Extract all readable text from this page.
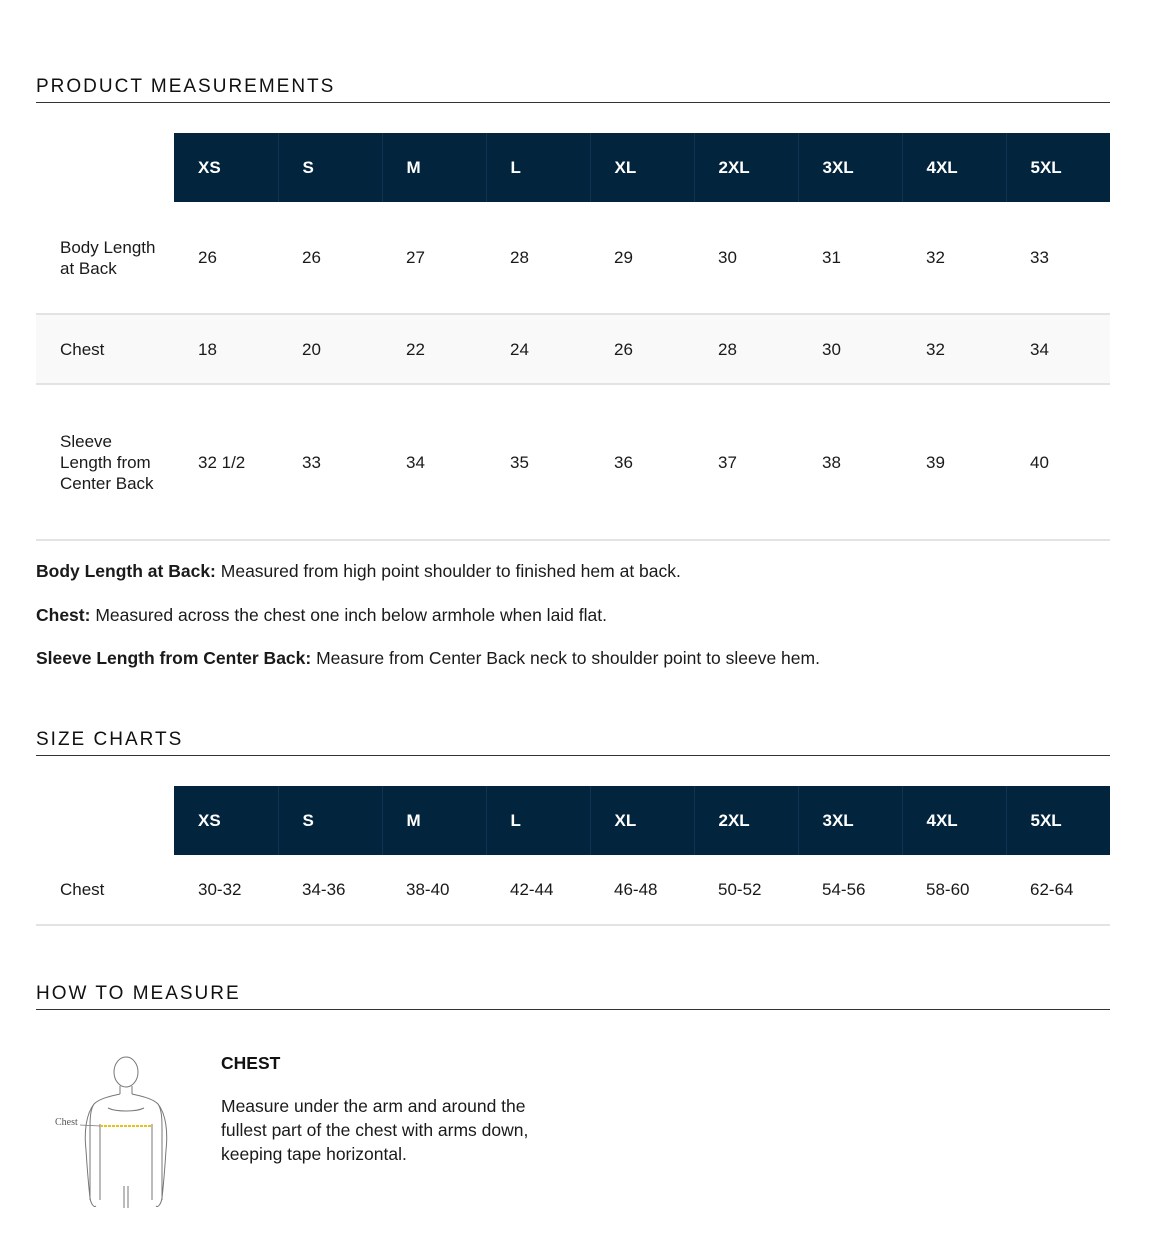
PRODUCT MEASUREMENTS
	XS	S	M	L	XL	2XL	3XL	4XL	5XL
Body Length at Back	26	26	27	28	29	30	31	32	33
Chest	18	20	22	24	26	28	30	32	34
Sleeve Length from Center Back	32 1/2	33	34	35	36	37	38	39	40
Body Length at Back: Measured from high point shoulder to finished hem at back.
Chest: Measured across the chest one inch below armhole when laid flat.
Sleeve Length from Center Back: Measure from Center Back neck to shoulder point to sleeve hem.
SIZE CHARTS
	XS	S	M	L	XL	2XL	3XL	4XL	5XL
Chest	30-32	34-36	38-40	42-44	46-48	50-52	54-56	58-60	62-64
HOW TO MEASURE
Chest
CHEST
Measure under the arm and around the fullest part of the chest with arms down, keeping tape horizontal.
